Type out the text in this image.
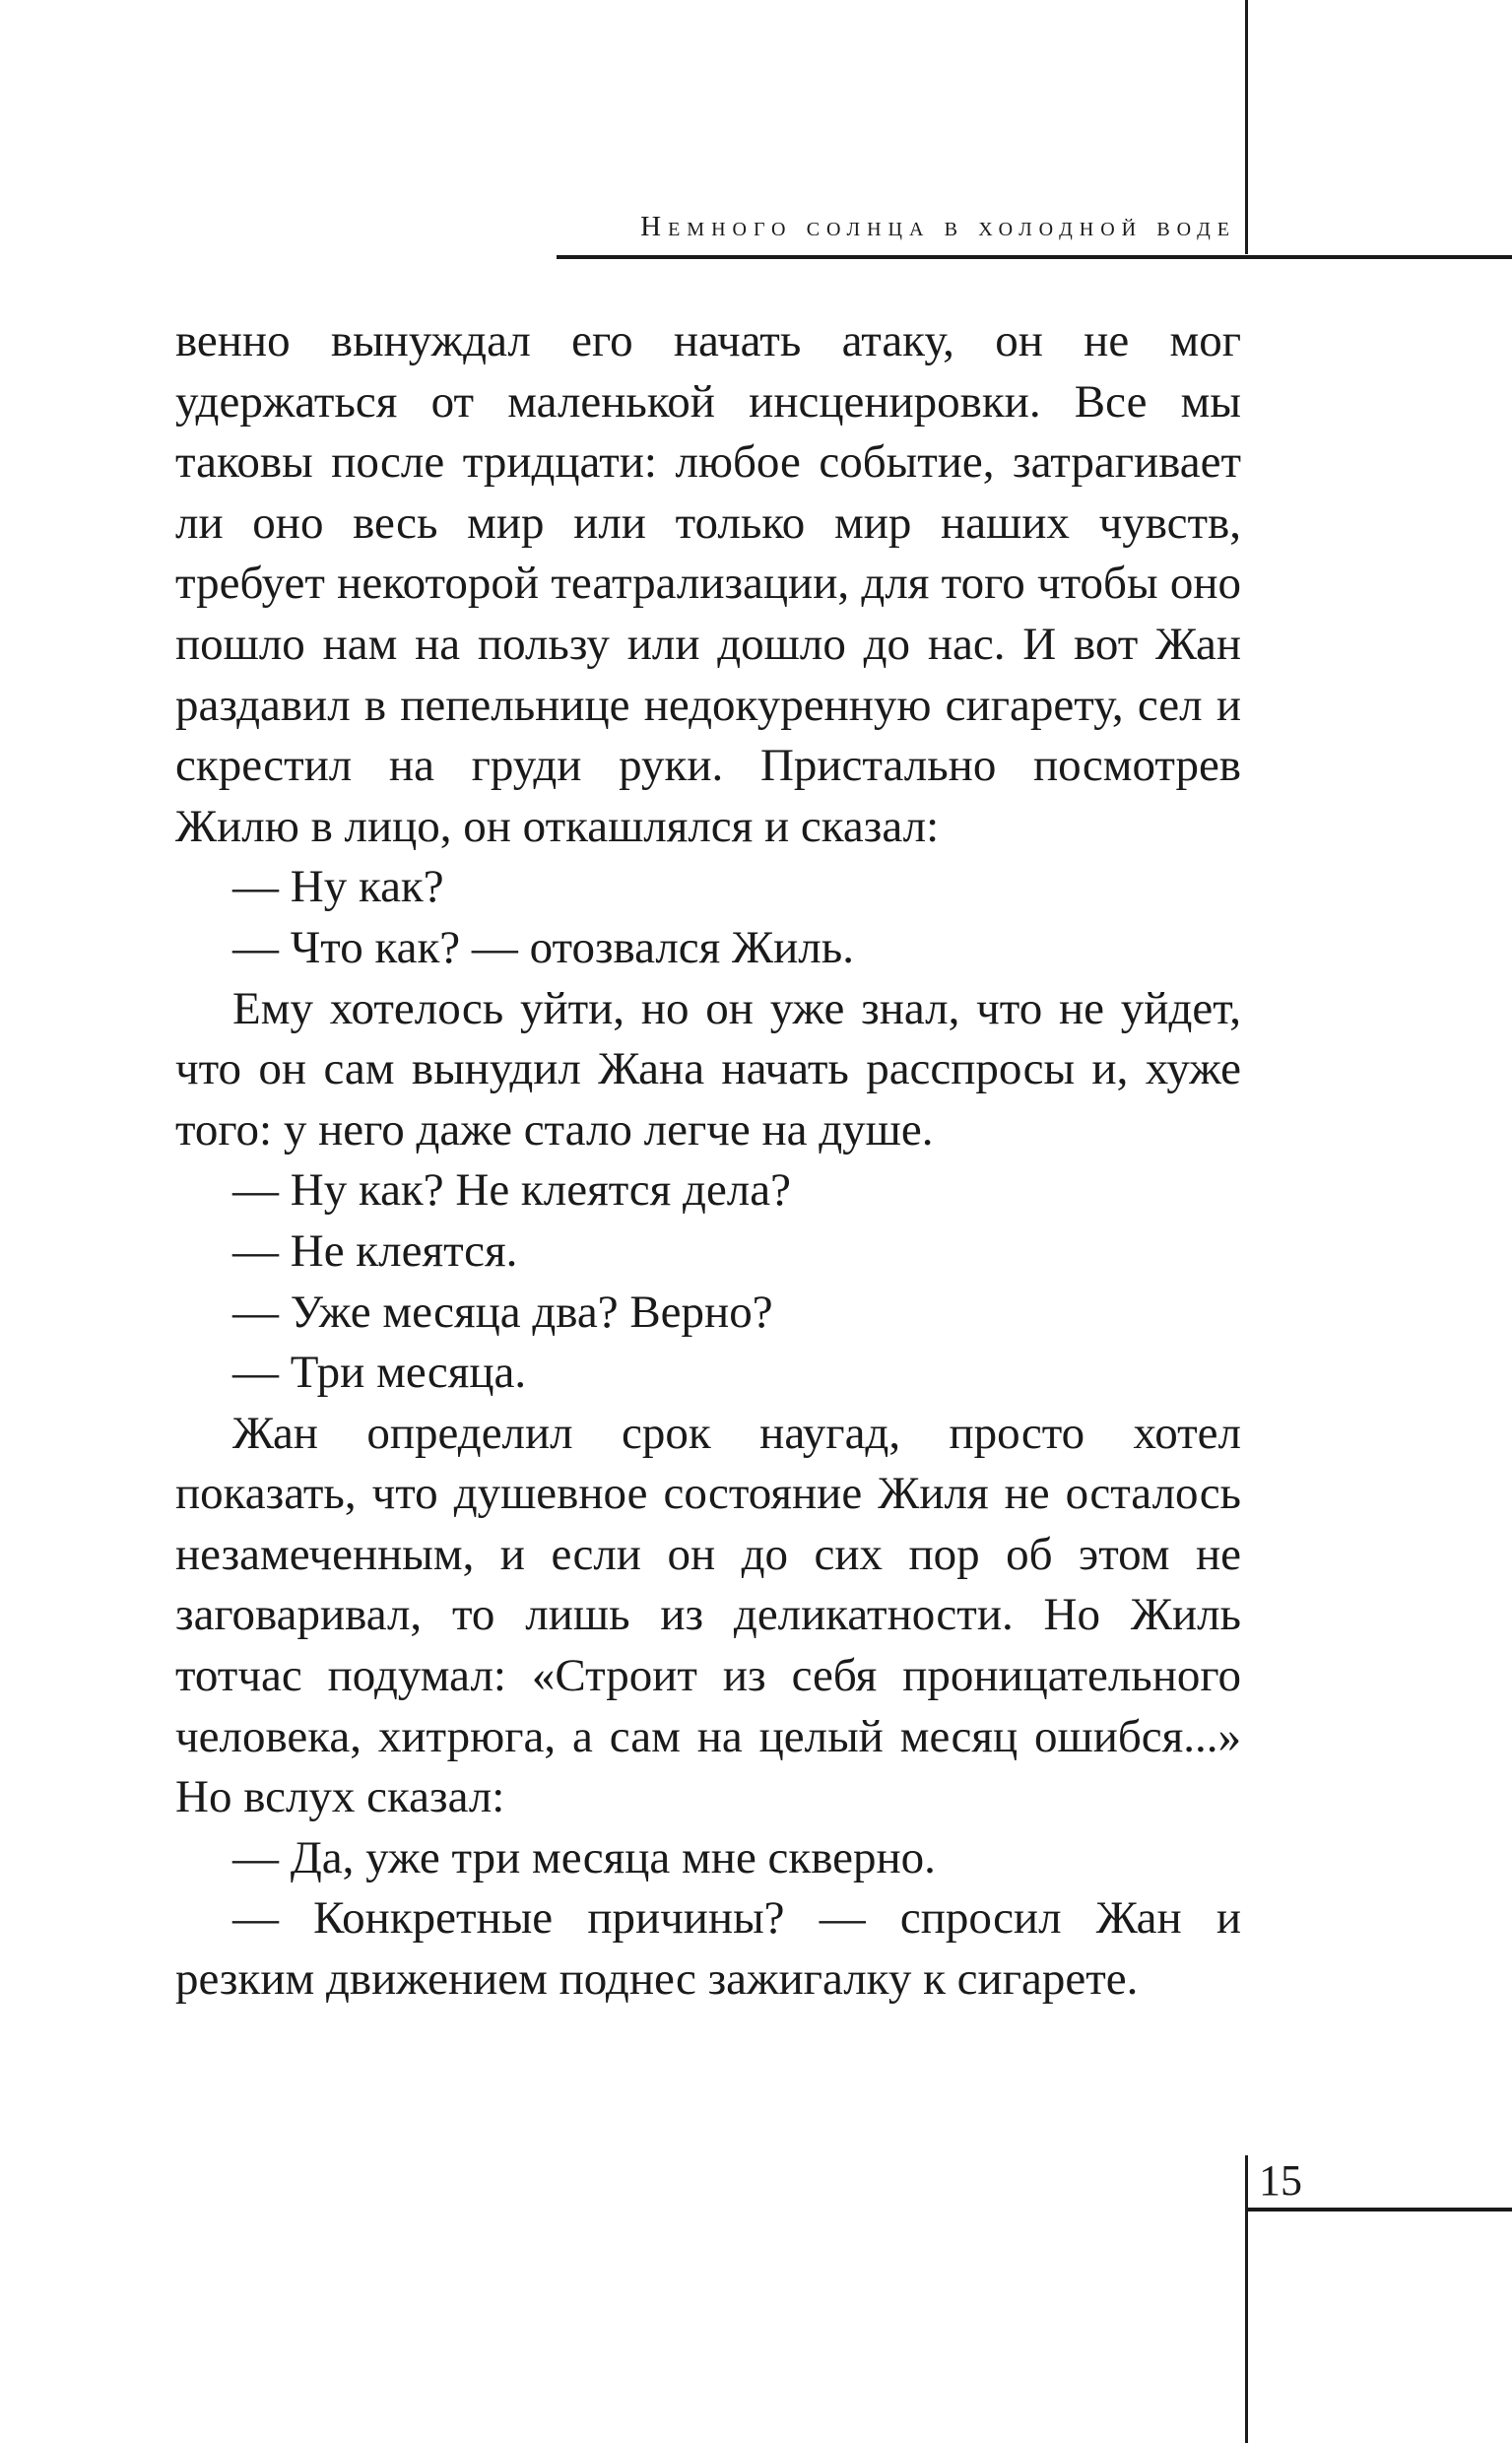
Немного солнца в холодной воде

венно вынуждал его начать атаку, он не мог удержаться от маленькой инсценировки. Все мы таковы после тридцати: любое событие, затрагивает ли оно весь мир или только мир наших чувств, требует некоторой театрализации, для того чтобы оно пошло нам на пользу или дошло до нас. И вот Жан раздавил в пепельнице недокуренную сигарету, сел и скрестил на груди руки. Пристально посмотрев Жилю в лицо, он откашлялся и сказал:

— Ну как?

— Что как? — отозвался Жиль.

Ему хотелось уйти, но он уже знал, что не уйдет, что он сам вынудил Жана начать расспросы и, хуже того: у него даже стало легче на душе.

— Ну как? Не клеятся дела?

— Не клеятся.

— Уже месяца два? Верно?

— Три месяца.

Жан определил срок наугад, просто хотел показать, что душевное состояние Жиля не осталось незамеченным, и если он до сих пор об этом не заговаривал, то лишь из деликатности. Но Жиль тотчас подумал: «Строит из себя проницательного человека, хитрюга, а сам на целый месяц ошибся...» Но вслух сказал:

— Да, уже три месяца мне скверно.

— Конкретные причины? — спросил Жан и резким движением поднес зажигалку к сигарете.

15
